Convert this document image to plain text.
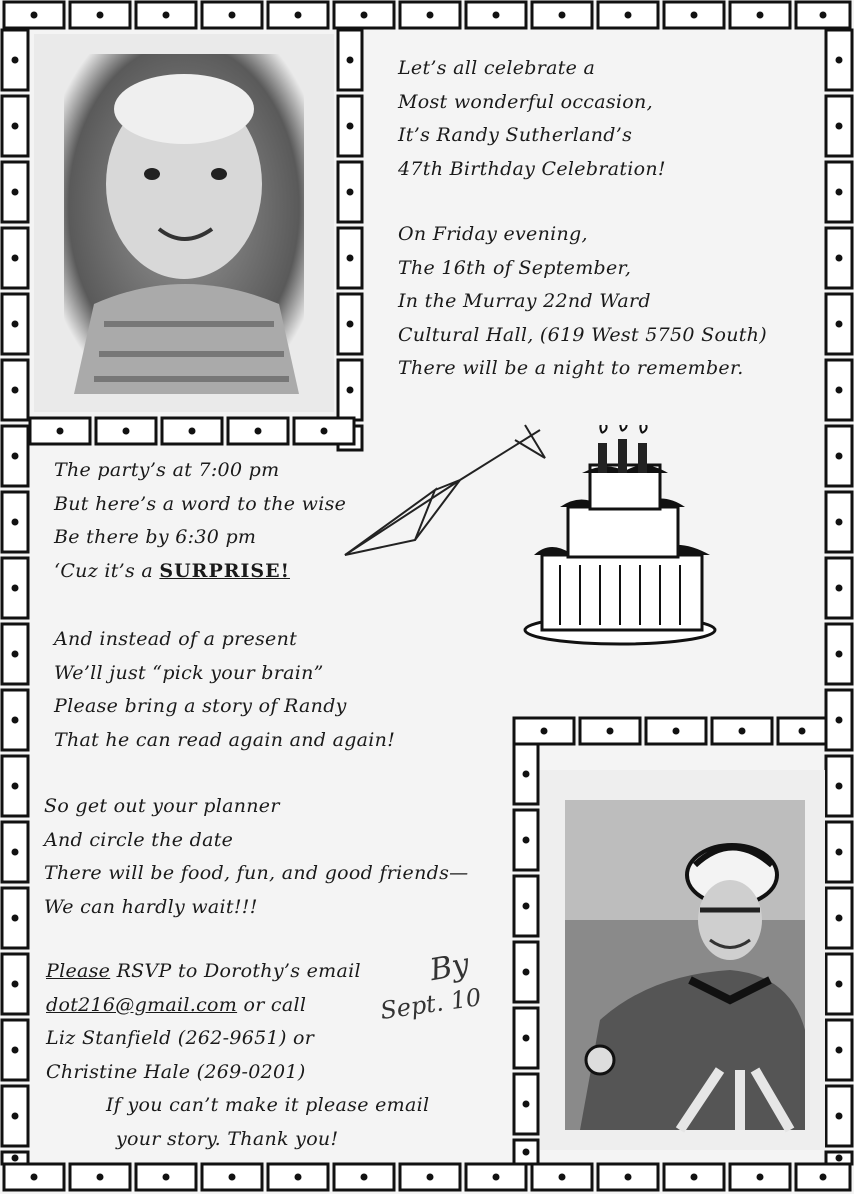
Let’s all celebrate a
Most wonderful occasion,
It’s Randy Sutherland’s
47th Birthday Celebration!
On Friday evening,
The 16th of September,
In the Murray 22nd Ward
Cultural Hall, (619 West 5750 South)
There will be a night to remember.
The party’s at 7:00 pm
But here’s a word to the wise
Be there by 6:30 pm
‘Cuz it’s a SURPRISE!
And instead of a present
We’ll just “pick your brain”
Please bring a story of Randy
That he can read again and again!
So get out your planner
And circle the date
There will be food, fun, and good friends—
We can hardly wait!!!
Please RSVP to Dorothy’s email
dot216@gmail.com or call
Liz Stanfield (262-9651) or
Christine Hale (269-0201)
If you can’t make it please email
your story. Thank you!
By
Sept. 10
